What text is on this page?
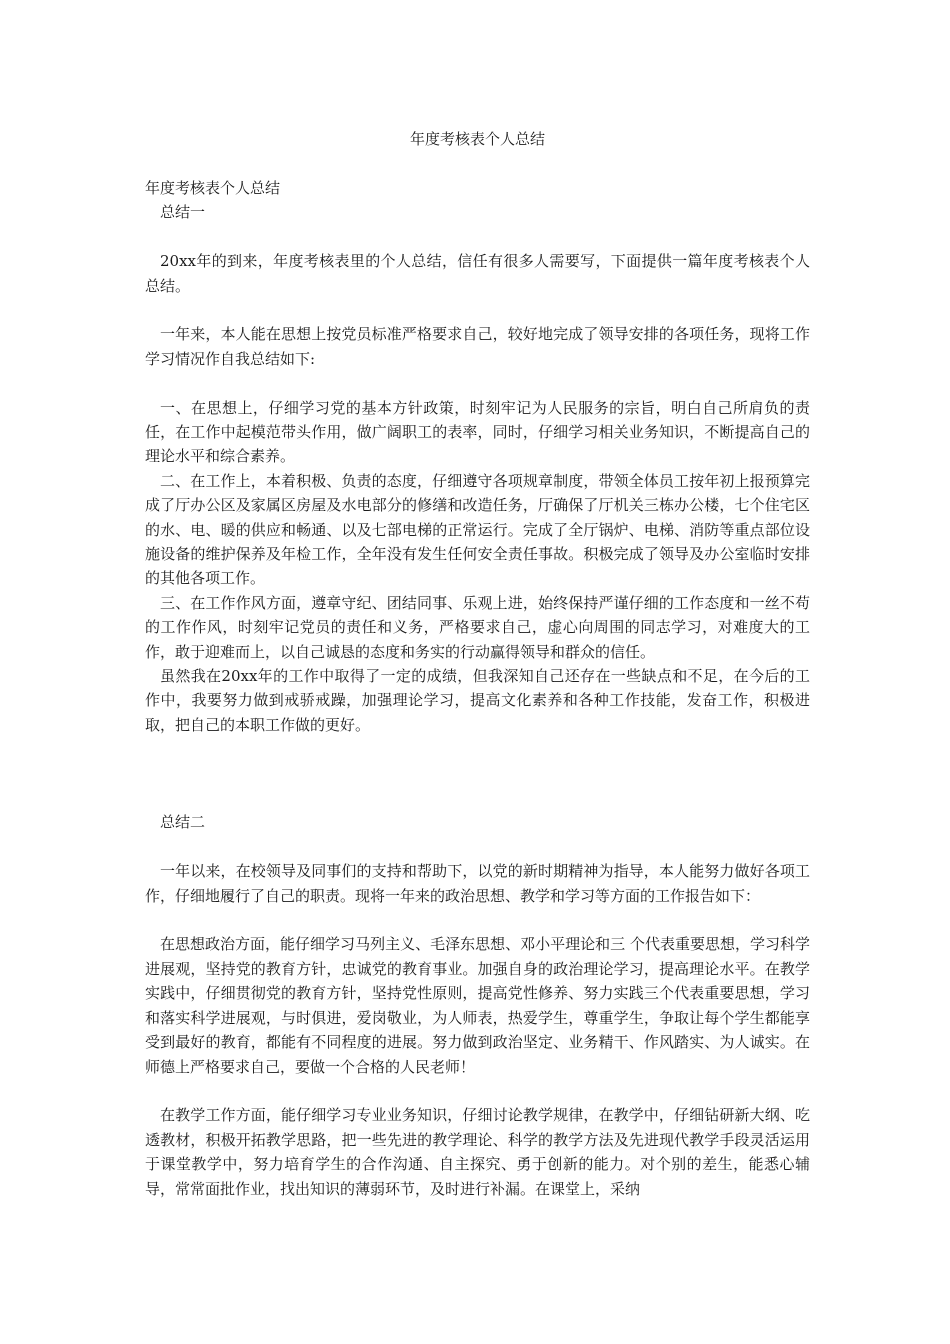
年度考核表个人总结

年度考核表个人总结

总结一

20xx年的到来，年度考核表里的个人总结，信任有很多人需要写，下面提供一篇年度考核表个人总结。

一年来，本人能在思想上按党员标准严格要求自己，较好地完成了领导安排的各项任务，现将工作学习情况作自我总结如下:

一、在思想上，仔细学习党的基本方针政策，时刻牢记为人民服务的宗旨，明白自己所肩负的责任，在工作中起模范带头作用，做广阔职工的表率，同时，仔细学习相关业务知识，不断提高自己的理论水平和综合素养。

二、在工作上，本着积极、负责的态度，仔细遵守各项规章制度，带领全体员工按年初上报预算完成了厅办公区及家属区房屋及水电部分的修缮和改造任务，厅确保了厅机关三栋办公楼，七个住宅区的水、电、暖的供应和畅通、以及七部电梯的正常运行。完成了全厅锅炉、电梯、消防等重点部位设施设备的维护保养及年检工作，全年没有发生任何安全责任事故。积极完成了领导及办公室临时安排的其他各项工作。

三、在工作作风方面，遵章守纪、团结同事、乐观上进，始终保持严谨仔细的工作态度和一丝不苟的工作作风，时刻牢记党员的责任和义务，严格要求自己，虚心向周围的同志学习，对难度大的工作，敢于迎难而上，以自己诚恳的态度和务实的行动赢得领导和群众的信任。

虽然我在20xx年的工作中取得了一定的成绩，但我深知自己还存在一些缺点和不足，在今后的工作中，我要努力做到戒骄戒躁，加强理论学习，提高文化素养和各种工作技能，发奋工作，积极进取，把自己的本职工作做的更好。

总结二

一年以来，在校领导及同事们的支持和帮助下，以党的新时期精神为指导，本人能努力做好各项工作，仔细地履行了自己的职责。现将一年来的政治思想、教学和学习等方面的工作报告如下：

在思想政治方面，能仔细学习马列主义、毛泽东思想、邓小平理论和三 个代表重要思想，学习科学进展观，坚持党的教育方针，忠诚党的教育事业。加强自身的政治理论学习，提高理论水平。在教学实践中，仔细贯彻党的教育方针，坚持党性原则，提高党性修养、努力实践三个代表重要思想，学习和落实科学进展观，与时俱进，爱岗敬业，为人师表，热爱学生，尊重学生，争取让每个学生都能享受到最好的教育，都能有不同程度的进展。努力做到政治坚定、业务精干、作风踏实、为人诚实。在师德上严格要求自己，要做一个合格的人民老师！

在教学工作方面，能仔细学习专业业务知识，仔细讨论教学规律，在教学中，仔细钻研新大纲、吃透教材，积极开拓教学思路，把一些先进的教学理论、科学的教学方法及先进现代教学手段灵活运用于课堂教学中，努力培育学生的合作沟通、自主探究、勇于创新的能力。对个别的差生，能悉心辅导，常常面批作业，找出知识的薄弱环节，及时进行补漏。在课堂上，采纳
